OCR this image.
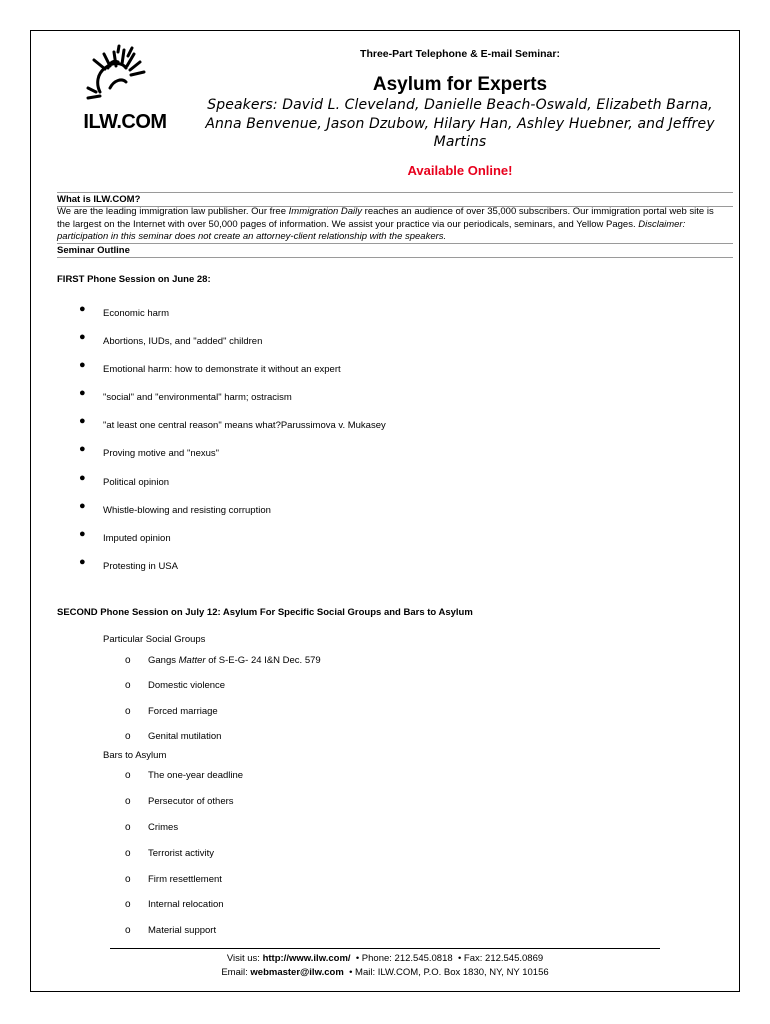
ILW.COM
Three-Part Telephone & E-mail Seminar:
Asylum for Experts
Speakers: David L. Cleveland, Danielle Beach-Oswald, Elizabeth Barna, Anna Benvenue, Jason Dzubow, Hilary Han, Ashley Huebner, and Jeffrey Martins
Available Online!
What is ILW.COM?
We are the leading immigration law publisher. Our free Immigration Daily reaches an audience of over 35,000 subscribers. Our immigration portal web site is the largest on the Internet with over 50,000 pages of information. We assist your practice via our periodicals, seminars, and Yellow Pages. Disclaimer: participation in this seminar does not create an attorney-client relationship with the speakers.
Seminar Outline
FIRST Phone Session on June 28:
● Economic harm
● Abortions, IUDs, and "added" children
● Emotional harm: how to demonstrate it without an expert
● "social" and "environmental" harm; ostracism
● "at least one central reason" means what?Parussimova v. Mukasey
● Proving motive and "nexus"
● Political opinion
● Whistle-blowing and resisting corruption
● Imputed opinion
● Protesting in USA
SECOND Phone Session on July 12: Asylum For Specific Social Groups and Bars to Asylum
Particular Social Groups
o Gangs Matter of S-E-G- 24 I&N Dec. 579
o Domestic violence
o Forced marriage
o Genital mutilation
Bars to Asylum
o The one-year deadline
o Persecutor of others
o Crimes
o Terrorist activity
o Firm resettlement
o Internal relocation
o Material support
Visit us: http://www.ilw.com/ • Phone: 212.545.0818 • Fax: 212.545.0869
Email: webmaster@ilw.com • Mail: ILW.COM, P.O. Box 1830, NY, NY 10156
